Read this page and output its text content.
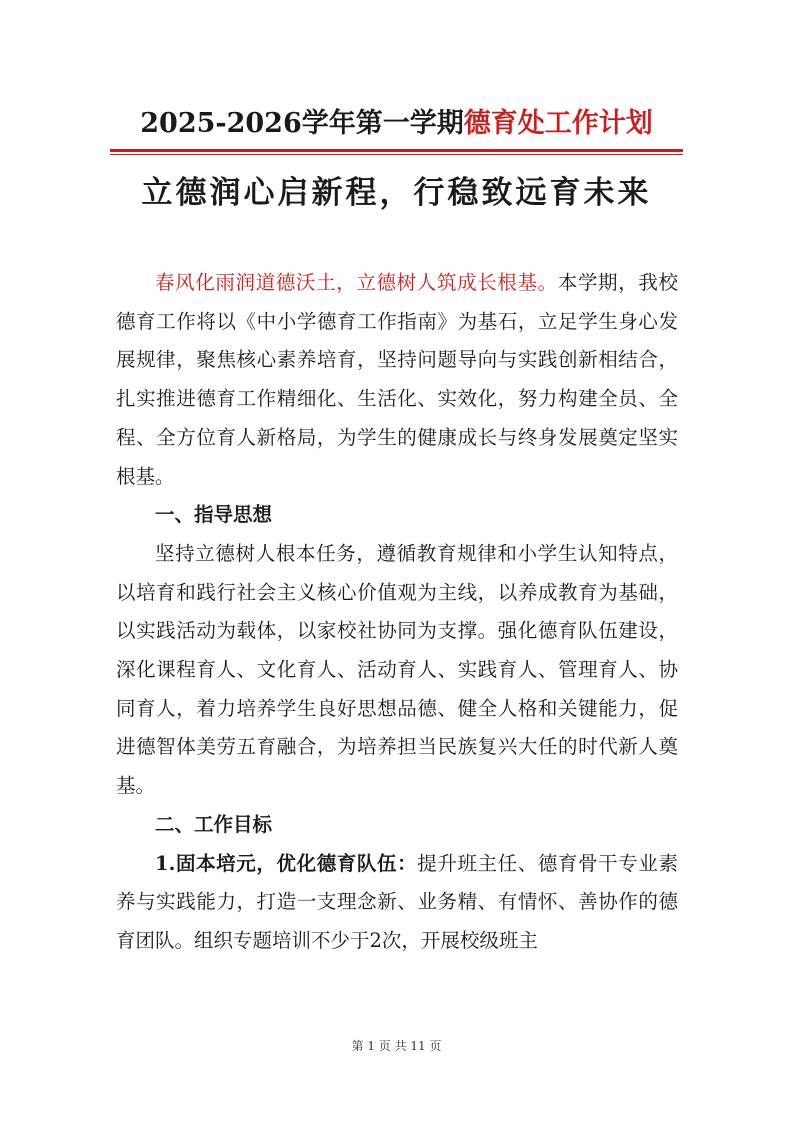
2025-2026学年第一学期德育处工作计划
立德润心启新程，行稳致远育未来

春风化雨润道德沃土，立德树人筑成长根基。本学期，我校德育工作将以《中小学德育工作指南》为基石，立足学生身心发展规律，聚焦核心素养培育，坚持问题导向与实践创新相结合，扎实推进德育工作精细化、生活化、实效化，努力构建全员、全程、全方位育人新格局，为学生的健康成长与终身发展奠定坚实根基。

一、指导思想

坚持立德树人根本任务，遵循教育规律和小学生认知特点，以培育和践行社会主义核心价值观为主线，以养成教育为基础，以实践活动为载体，以家校社协同为支撑。强化德育队伍建设，深化课程育人、文化育人、活动育人、实践育人、管理育人、协同育人，着力培养学生良好思想品德、健全人格和关键能力，促进德智体美劳五育融合，为培养担当民族复兴大任的时代新人奠基。

二、工作目标

1.固本培元，优化德育队伍：提升班主任、德育骨干专业素养与实践能力，打造一支理念新、业务精、有情怀、善协作的德育团队。组织专题培训不少于2次，开展校级班主

第 1 页 共 11 页
